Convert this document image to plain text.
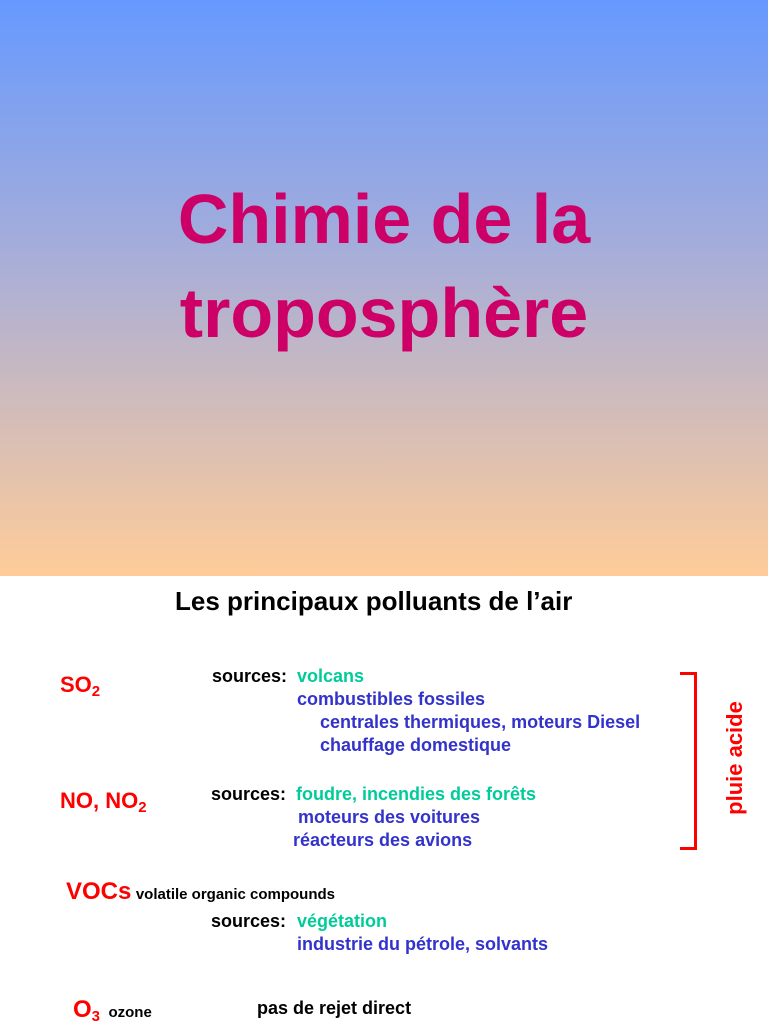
Chimie de la
troposphère
Les principaux polluants de l’air
$SO_2$
sources: volcans
combustibles fossiles
centrales thermiques, moteurs Diesel
chauffage domestique
NO, $NO_2$
sources: foudre, incendies des forêts
moteurs des voitures
réacteurs des avions
pluie acide
VOCs volatile organic compounds
sources: végétation
industrie du pétrole, solvants
$O_3$ ozone	pas de rejet direct
